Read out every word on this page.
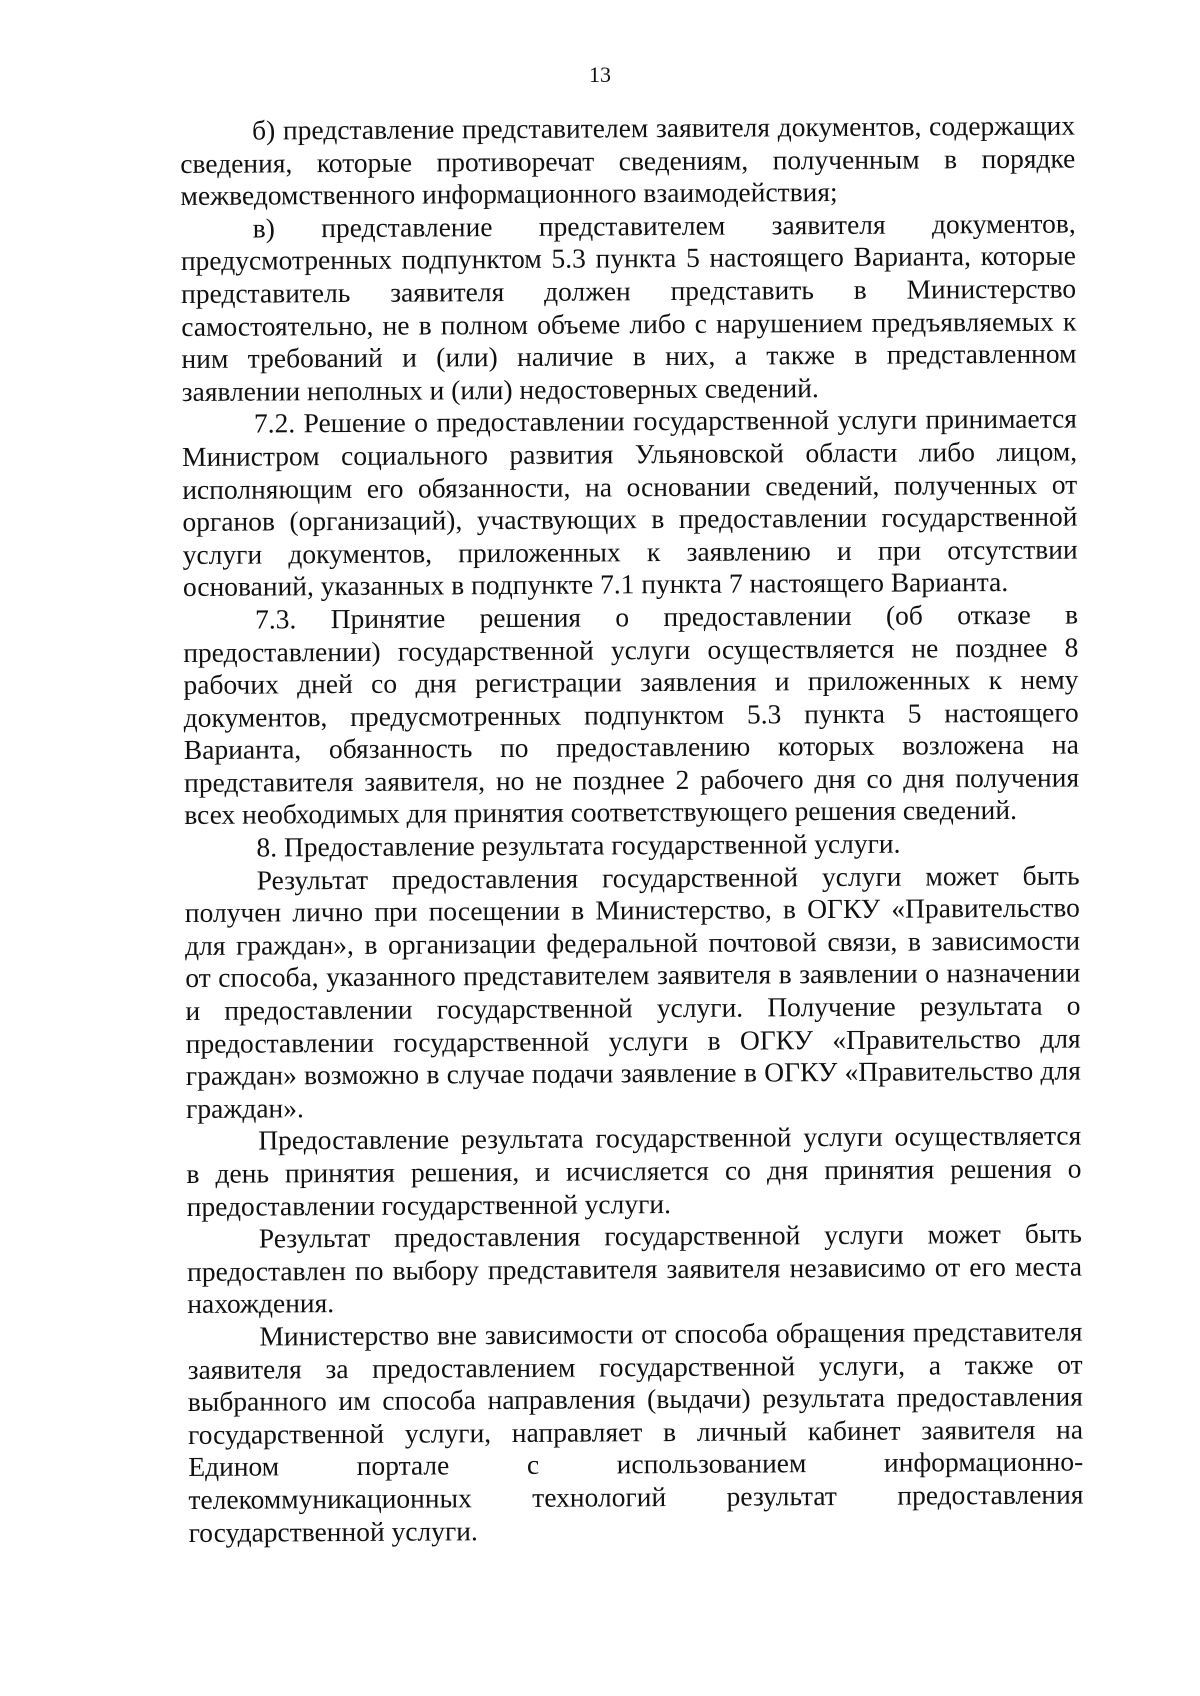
13

б) представление представителем заявителя документов, содержащих сведения, которые противоречат сведениям, полученным в порядке межведомственного информационного взаимодействия;

в) представление представителем заявителя документов, предусмотренных подпунктом 5.3 пункта 5 настоящего Варианта, которые представитель заявителя должен представить в Министерство самостоятельно, не в полном объеме либо с нарушением предъявляемых к ним требований и (или) наличие в них, а также в представленном заявлении неполных и (или) недостоверных сведений.

7.2. Решение о предоставлении государственной услуги принимается Министром социального развития Ульяновской области либо лицом, исполняющим его обязанности, на основании сведений, полученных от органов (организаций), участвующих в предоставлении государственной услуги документов, приложенных к заявлению и при отсутствии оснований, указанных в подпункте 7.1 пункта 7 настоящего Варианта.

7.3. Принятие решения о предоставлении (об отказе в предоставлении) государственной услуги осуществляется не позднее 8 рабочих дней со дня регистрации заявления и приложенных к нему документов, предусмотренных подпунктом 5.3 пункта 5 настоящего Варианта, обязанность по предоставлению которых возложена на представителя заявителя, но не позднее 2 рабочего дня со дня получения всех необходимых для принятия соответствующего решения сведений.

8. Предоставление результата государственной услуги.

Результат предоставления государственной услуги может быть получен лично при посещении в Министерство, в ОГКУ «Правительство для граждан», в организации федеральной почтовой связи, в зависимости от способа, указанного представителем заявителя в заявлении о назначении и предоставлении государственной услуги. Получение результата о предоставлении государственной услуги в ОГКУ «Правительство для граждан» возможно в случае подачи заявление в ОГКУ «Правительство для граждан».

Предоставление результата государственной услуги осуществляется в день принятия решения, и исчисляется со дня принятия решения о предоставлении государственной услуги.

Результат предоставления государственной услуги может быть предоставлен по выбору представителя заявителя независимо от его места нахождения.

Министерство вне зависимости от способа обращения представителя заявителя за предоставлением государственной услуги, а также от выбранного им способа направления (выдачи) результата предоставления государственной услуги, направляет в личный кабинет заявителя на Едином портале с использованием информационно-телекоммуникационных технологий результат предоставления государственной услуги.
